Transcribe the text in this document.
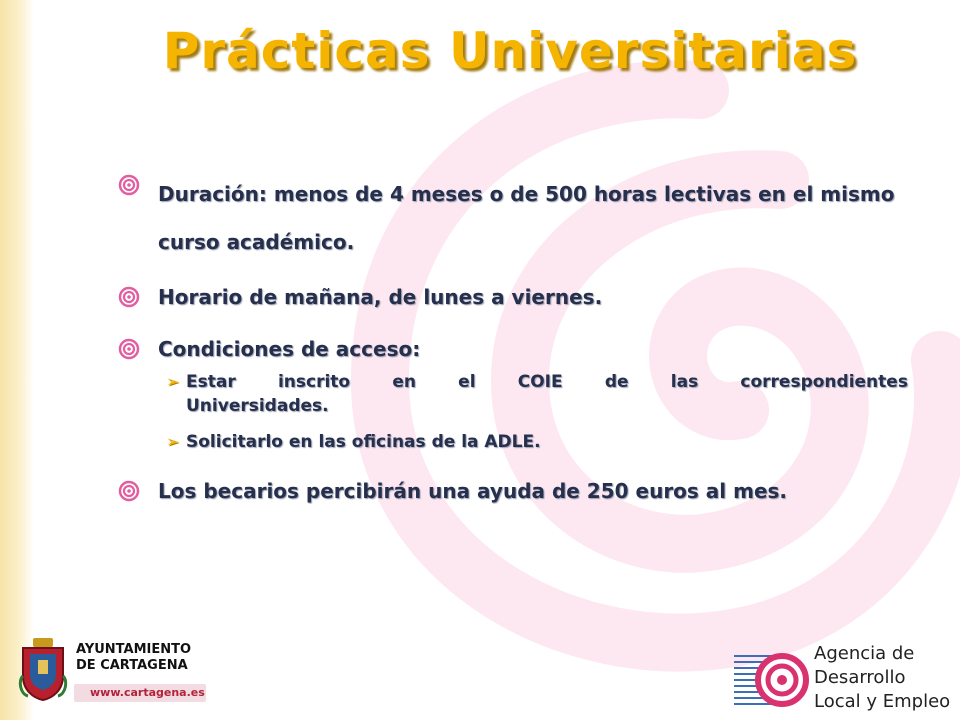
Prácticas Universitarias
Duración: menos de 4 meses o de 500 horas lectivas en el mismo curso académico.
Horario de mañana, de lunes a viernes.
Condiciones de acceso:
➢ Estar inscrito en el COIE de las correspondientes
Universidades.
➢ Solicitarlo en las oficinas de la ADLE.
Los becarios percibirán una ayuda de 250 euros al mes.
AYUNTAMIENTO
DE CARTAGENA
www.cartagena.es
Agencia de Desarrollo
Local y Empleo
